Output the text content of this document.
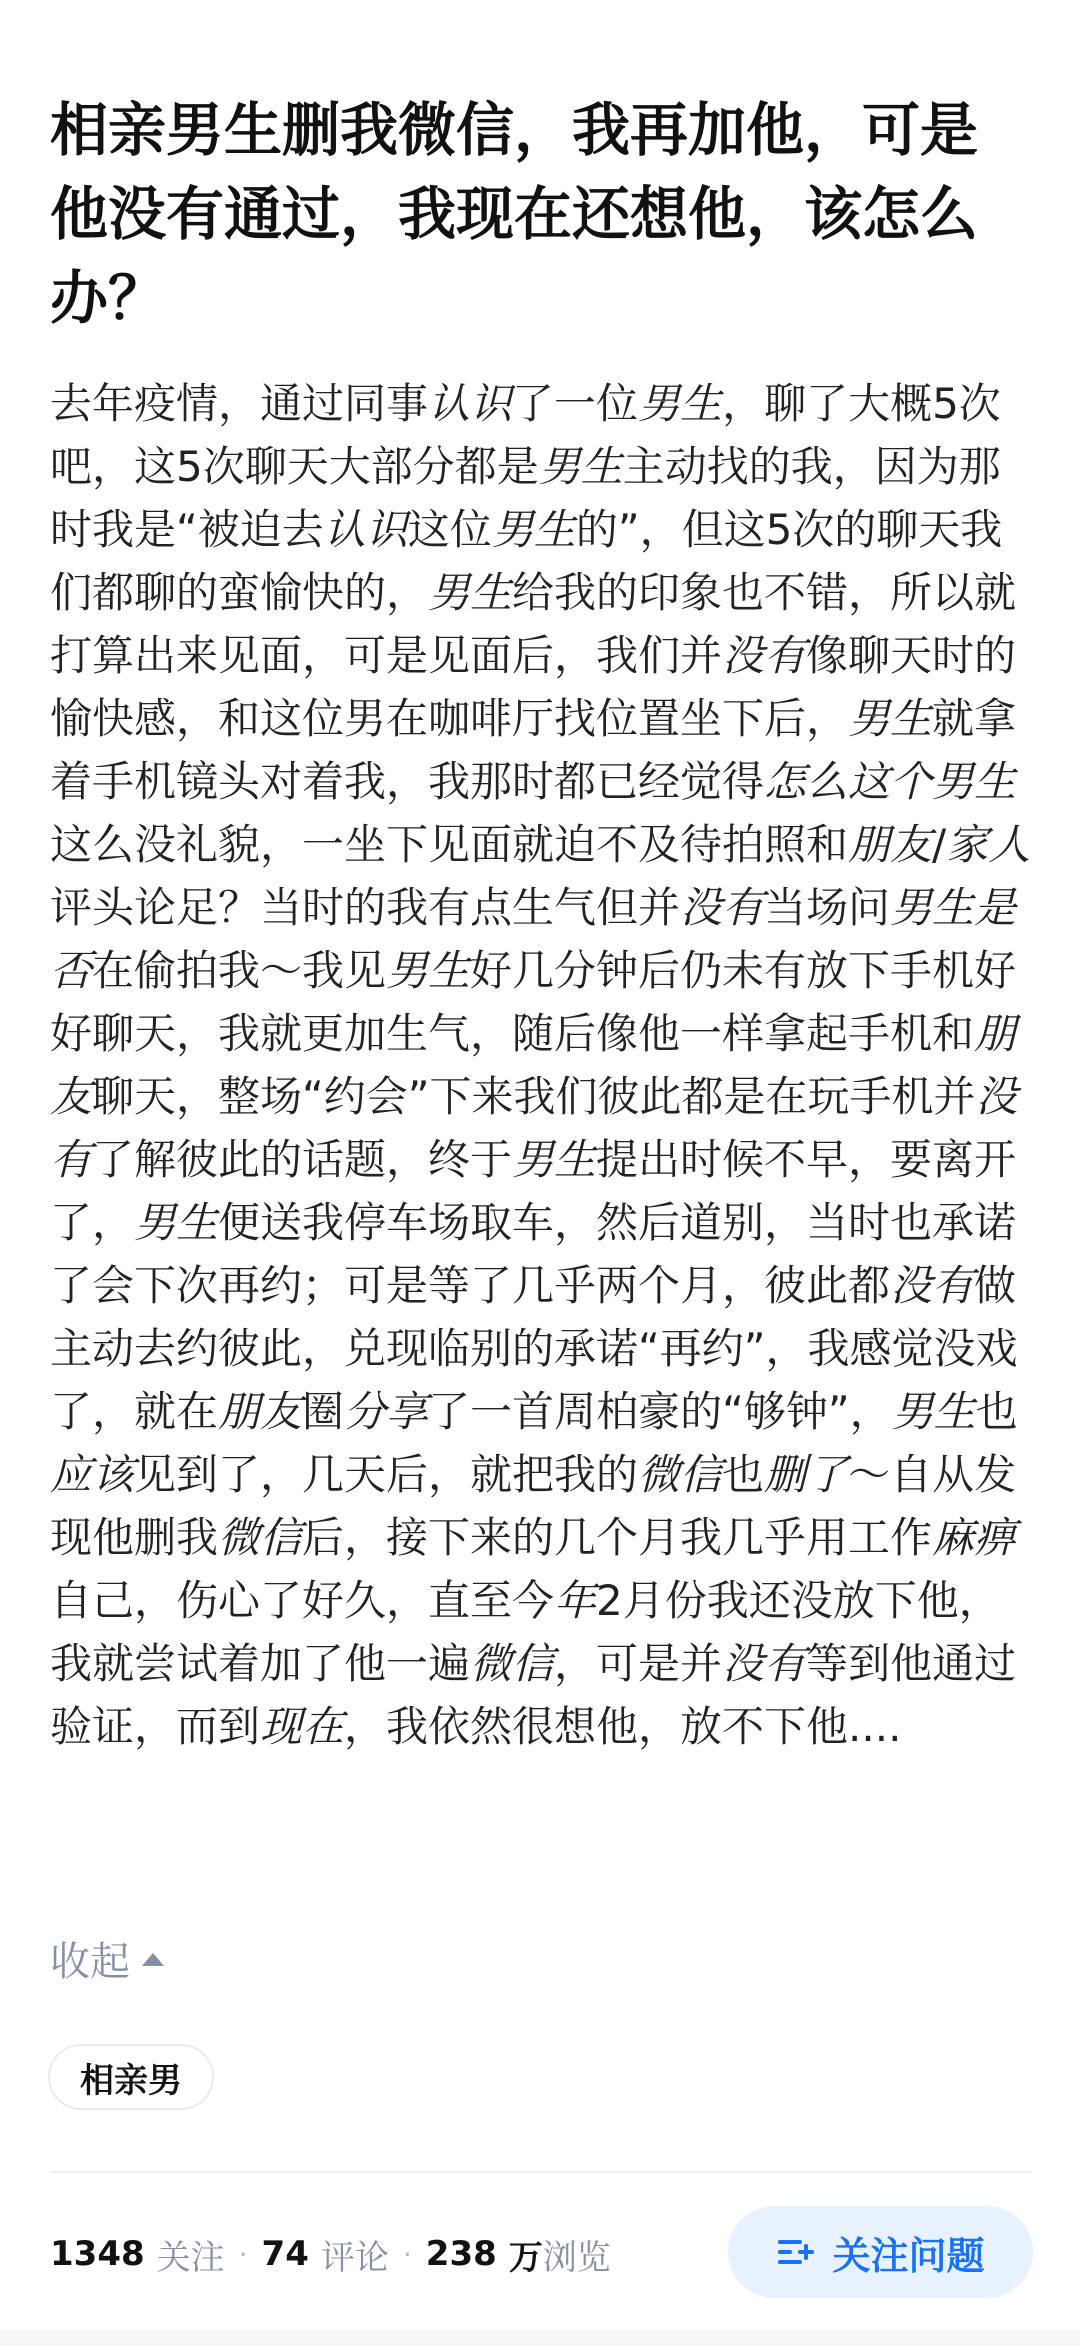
相亲男生删我微信，我再加他，可是他没有通过，我现在还想他，该怎么办？

去年疫情，通过同事认识了一位男生，聊了大概5次吧，这5次聊天大部分都是男生主动找的我，因为那时我是“被迫去认识这位男生的”，但这5次的聊天我们都聊的蛮愉快的，男生给我的印象也不错，所以就打算出来见面，可是见面后，我们并没有像聊天时的愉快感，和这位男在咖啡厅找位置坐下后，男生就拿着手机镜头对着我，我那时都已经觉得怎么这个男生这么没礼貌，一坐下见面就迫不及待拍照和朋友/家人评头论足？当时的我有点生气但并没有当场问男生是否在偷拍我～我见男生好几分钟后仍未有放下手机好好聊天，我就更加生气，随后像他一样拿起手机和朋友聊天，整场“约会”下来我们彼此都是在玩手机并没有了解彼此的话题，终于男生提出时候不早，要离开了，男生便送我停车场取车，然后道别，当时也承诺了会下次再约；可是等了几乎两个月，彼此都没有做主动去约彼此，兑现临别的承诺“再约”，我感觉没戏了，就在朋友圈分享了一首周柏豪的“够钟”，男生也应该见到了，几天后，就把我的微信也删了～自从发现他删我微信后，接下来的几个月我几乎用工作麻痹自己，伤心了好久，直至今年2月份我还没放下他，我就尝试着加了他一遍微信，可是并没有等到他通过验证，而到现在，我依然很想他，放不下他....

收起
相亲男
1348 关注 · 74 评论 · 238 万 浏览	关注问题
